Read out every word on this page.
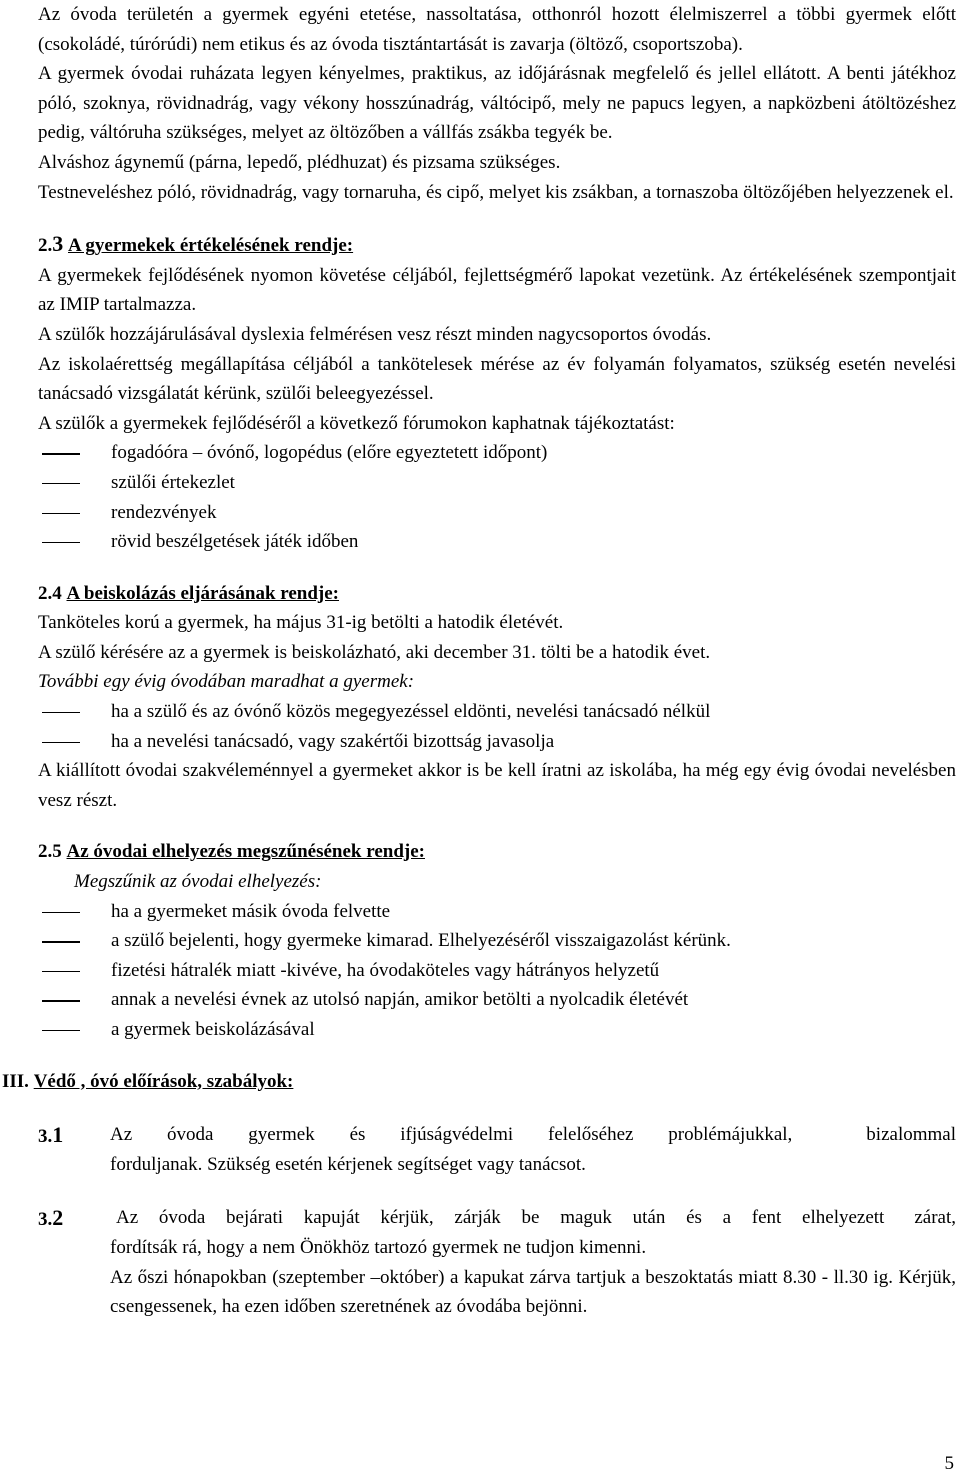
Az óvoda területén a gyermek egyéni etetése, nassoltatása, otthonról hozott élelmiszerrel a többi gyermek előtt (csokoládé, túrórúdi) nem etikus és az óvoda tisztántartását is zavarja (öltöző, csoportszoba).

A gyermek óvodai ruházata legyen kényelmes, praktikus, az időjárásnak megfelelő és jellel ellátott. A benti játékhoz póló, szoknya, rövidnadrág, vagy vékony hosszúnadrág, váltócipő, mely ne papucs legyen, a napközbeni átöltözéshez pedig, váltóruha szükséges, melyet az öltözőben a vállfás zsákba tegyék be.

Alváshoz ágynemű (párna, lepedő, plédhuzat) és pizsama szükséges.

Testneveléshez póló, rövidnadrág, vagy tornaruha, és cipő, melyet kis zsákban, a tornaszoba öltözőjében helyezzenek el.

2.3 A gyermekek értékelésének rendje:

A gyermekek fejlődésének nyomon követése céljából, fejlettségmérő lapokat vezetünk. Az értékelésének szempontjait az IMIP tartalmazza.

A szülők hozzájárulásával dyslexia felmérésen vesz részt minden nagycsoportos óvodás.

Az iskolaérettség megállapítása céljából a tankötelesek mérése az év folyamán folyamatos, szükség esetén nevelési tanácsadó vizsgálatát kérünk, szülői beleegyezéssel.

A szülők a gyermekek fejlődéséről a következő fórumokon kaphatnak tájékoztatást:

fogadóóra – óvónő, logopédus (előre egyeztetett időpont)
szülői értekezlet
rendezvények
rövid beszélgetések játék időben

2.4 A beiskolázás eljárásának rendje:

Tanköteles korú a gyermek, ha május 31-ig betölti a hatodik életévét.

A szülő kérésére az a gyermek is beiskolázható, aki december 31. tölti be a hatodik évet.

További egy évig óvodában maradhat a gyermek:

ha a szülő és az óvónő közös megegyezéssel eldönti, nevelési tanácsadó nélkül
ha a nevelési tanácsadó, vagy szakértői bizottság javasolja

A kiállított óvodai szakvéleménnyel a gyermeket akkor is be kell íratni az iskolába, ha még egy évig óvodai nevelésben vesz részt.

2.5 Az óvodai elhelyezés megszűnésének rendje:

Megszűnik az óvodai elhelyezés:

ha a gyermeket másik óvoda felvette
a szülő bejelenti, hogy gyermeke kimarad. Elhelyezéséről visszaigazolást kérünk.
fizetési hátralék miatt -kivéve, ha óvodaköteles vagy hátrányos helyzetű
annak a nevelési évnek az utolsó napján, amikor betölti a nyolcadik életévét
a gyermek beiskolázásával

III. Védő , óvó előírások, szabályok:

3.1	Az óvoda gyermek és ifjúságvédelmi felelőséhez problémájukkal,	bizalommal

forduljanak. Szükség esetén kérjenek segítséget vagy tanácsot.

3.2	Az óvoda bejárati kapuját kérjük, zárják be maguk után és a fent elhelyezett zárat,

fordítsák rá, hogy a nem Önökhöz tartozó gyermek ne tudjon kimenni.

Az őszi hónapokban (szeptember –október) a kapukat zárva tartjuk a beszoktatás miatt 8.30 - ll.30 ig. Kérjük, csengessenek, ha ezen időben szeretnének az óvodába bejönni.

5
